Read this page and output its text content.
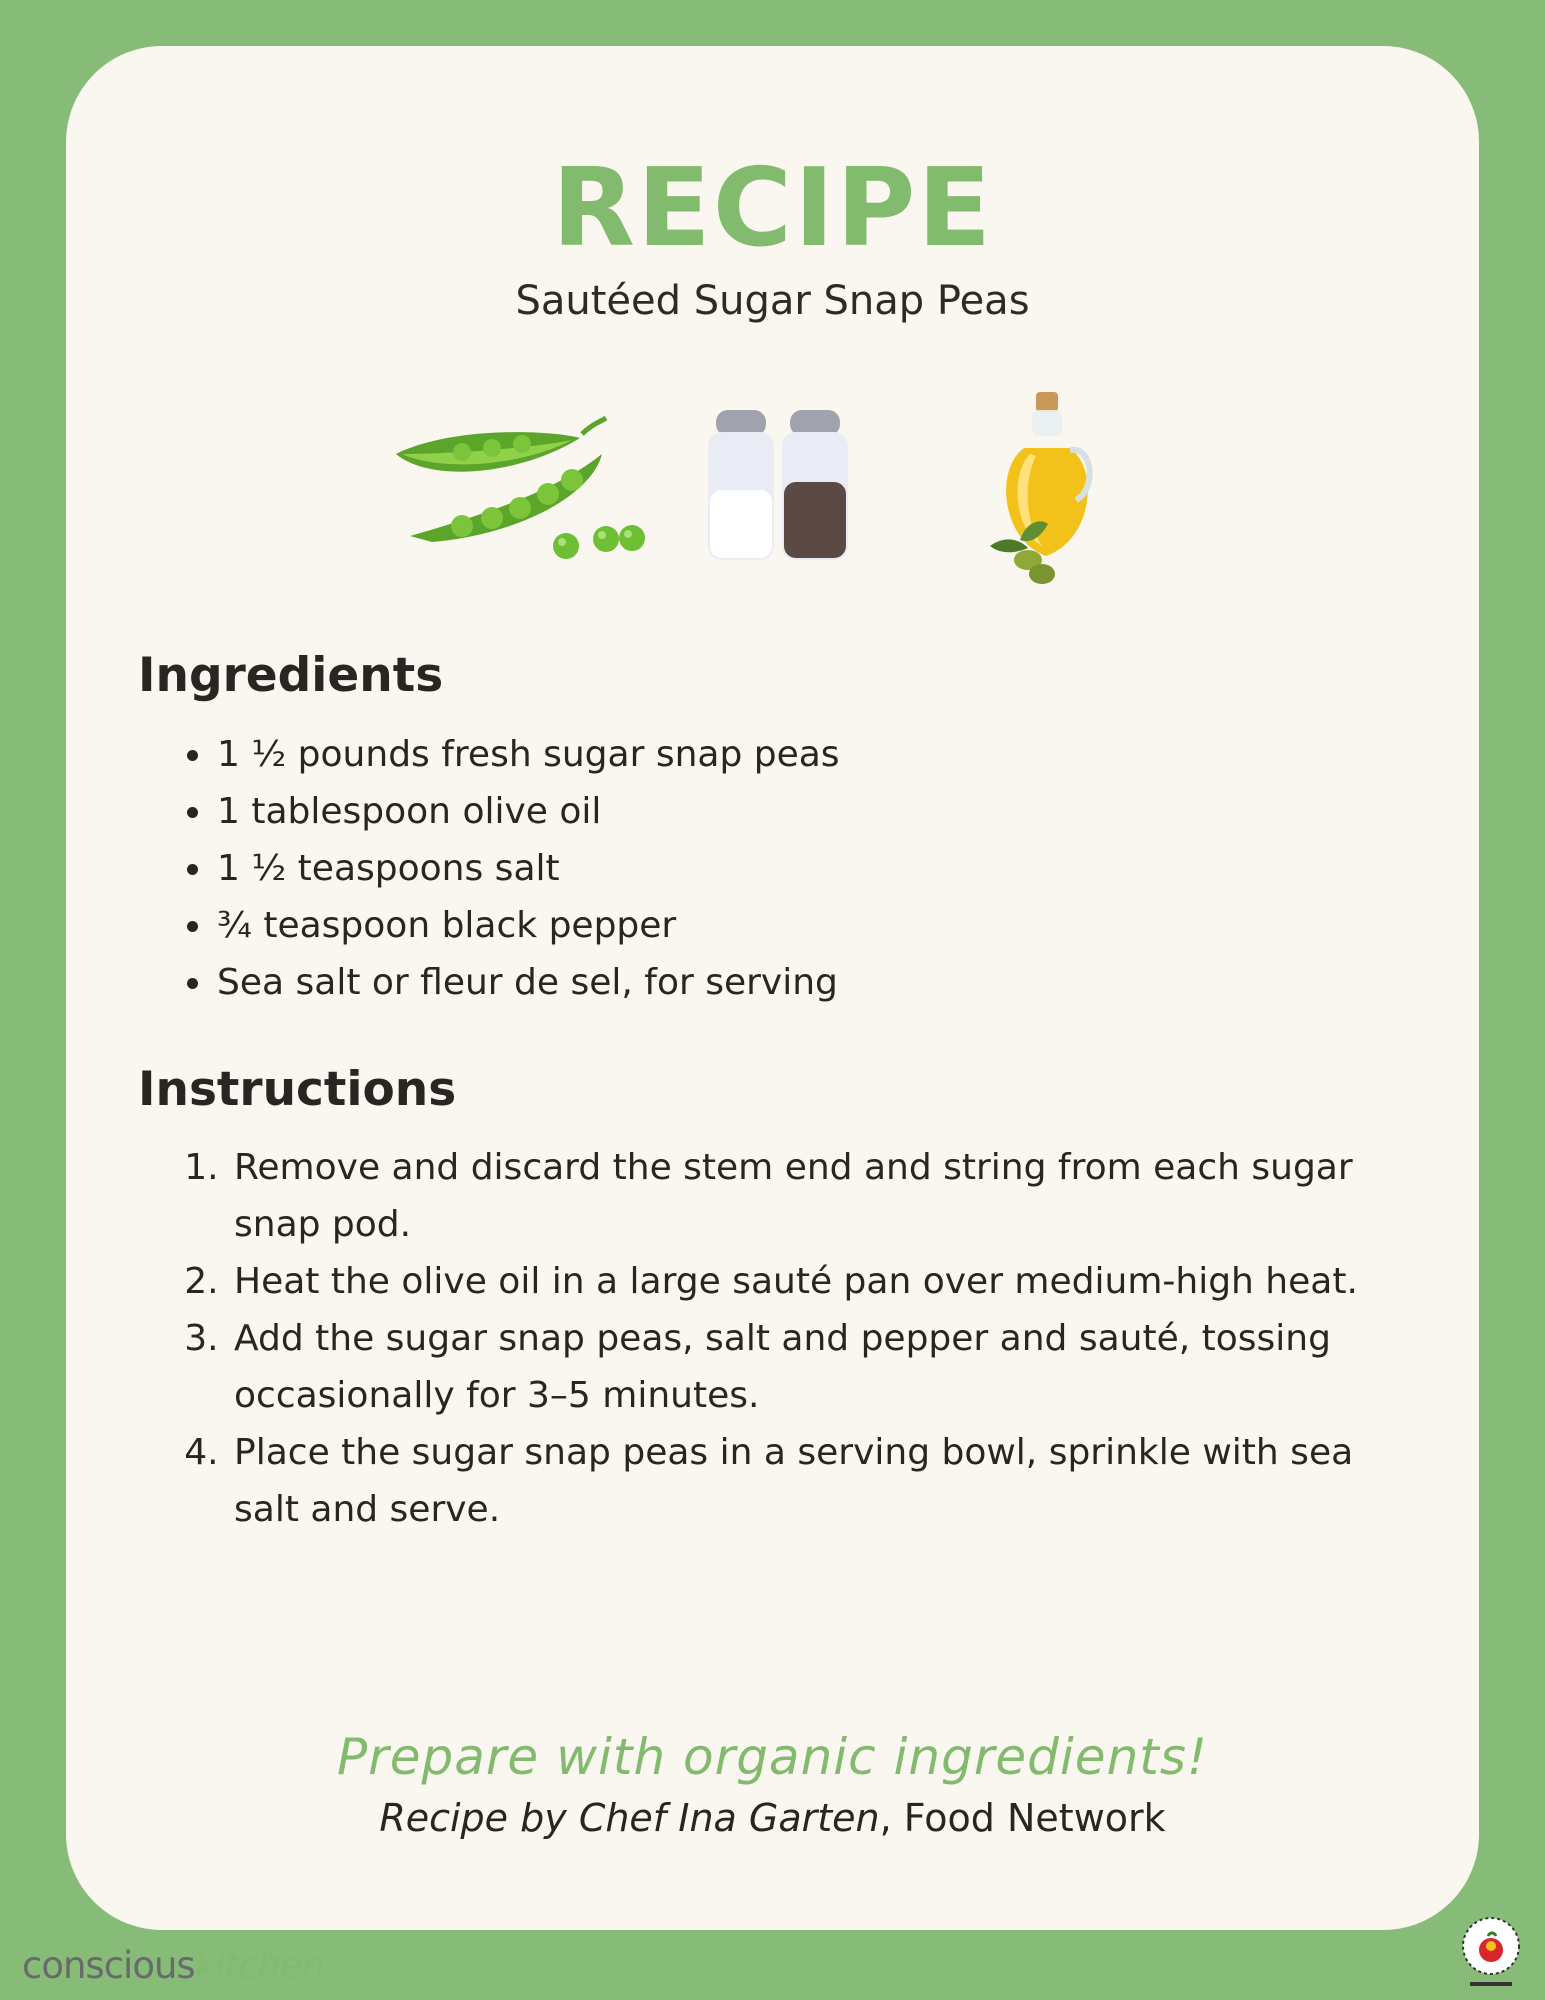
RECIPE
Sautéed Sugar Snap Peas
Ingredients
• 1 ½ pounds fresh sugar snap peas
• 1 tablespoon olive oil
• 1 ½ teaspoons salt
• ¾ teaspoon black pepper
• Sea salt or fleur de sel, for serving
Instructions
1. Remove and discard the stem end and string from each sugar snap pod.
2. Heat the olive oil in a large sauté pan over medium-high heat.
3. Add the sugar snap peas, salt and pepper and sauté, tossing occasionally for 3–5 minutes.
4. Place the sugar snap peas in a serving bowl, sprinkle with sea salt and serve.
Prepare with organic ingredients!
Recipe by Chef Ina Garten, Food Network
consciouskitchen
